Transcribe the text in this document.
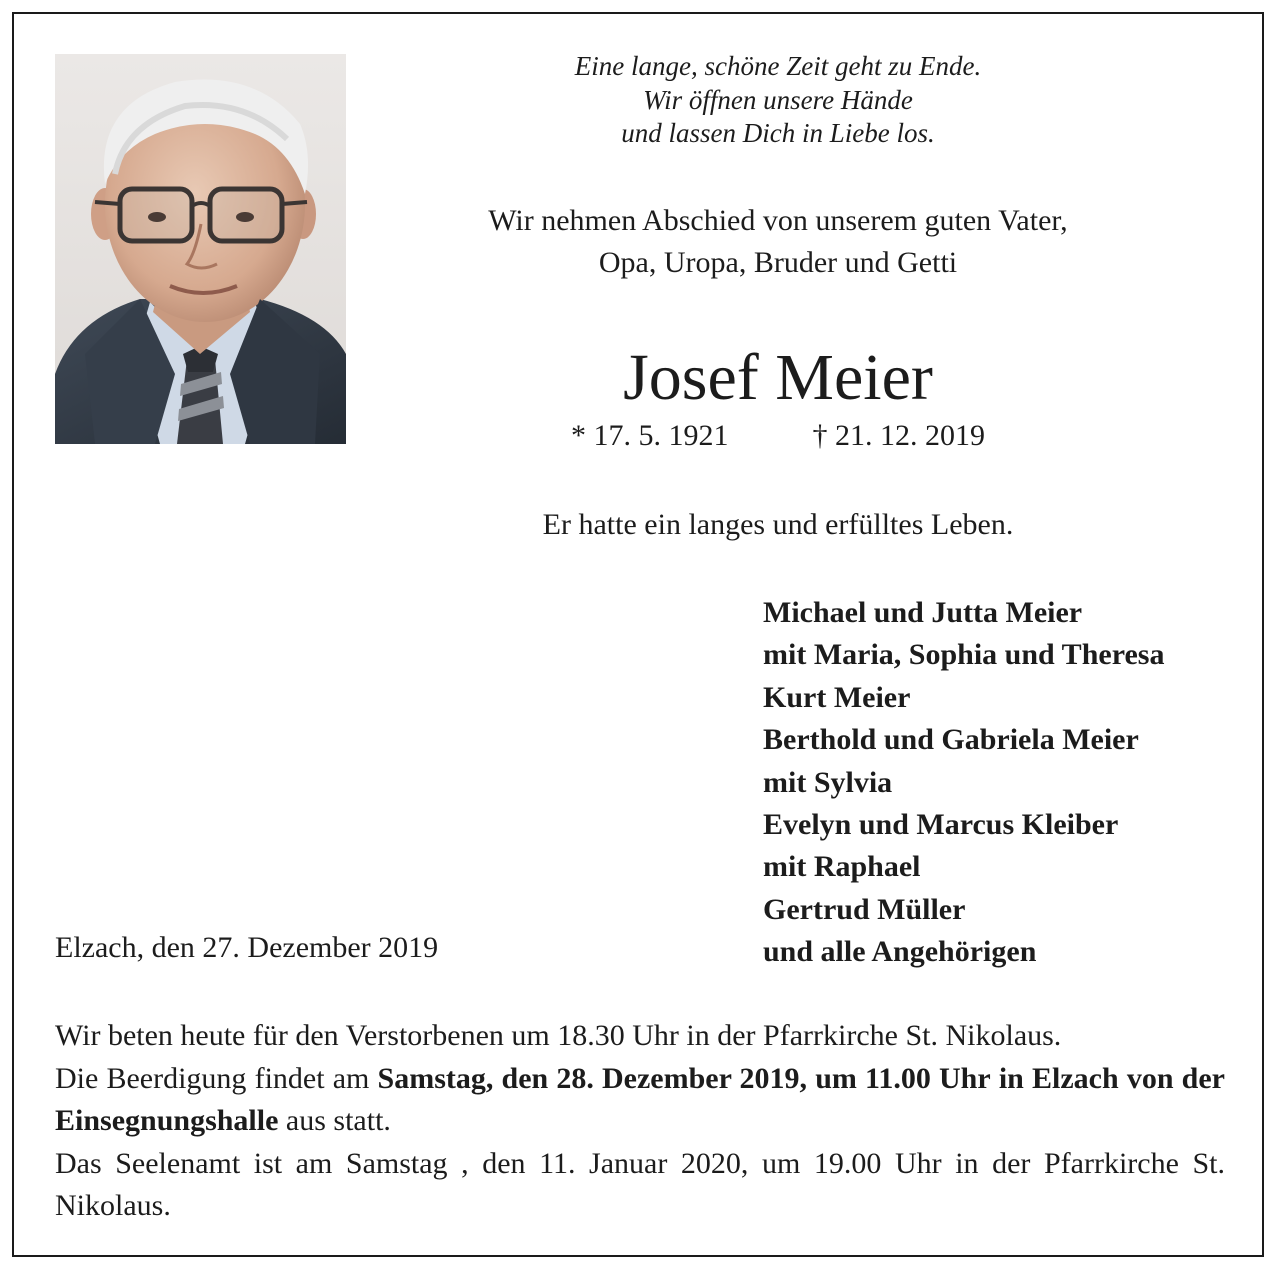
Eine lange, schöne Zeit geht zu Ende.
Wir öffnen unsere Hände
und lassen Dich in Liebe los.
Wir nehmen Abschied von unserem guten Vater,
Opa, Uropa, Bruder und Getti
Josef Meier
* 17. 5. 1921	† 21. 12. 2019
Er hatte ein langes und erfülltes Leben.
Michael und Jutta Meier
mit Maria, Sophia und Theresa
Kurt Meier
Berthold und Gabriela Meier
mit Sylvia
Evelyn und Marcus Kleiber
mit Raphael
Gertrud Müller
und alle Angehörigen
Elzach, den 27. Dezember 2019

Wir beten heute für den Verstorbenen um 18.30 Uhr in der Pfarrkirche St. Nikolaus.

Die Beerdigung findet am Samstag, den 28. Dezember 2019, um 11.00 Uhr in Elzach von der Einsegnungshalle aus statt.

Das Seelenamt ist am Samstag , den 11. Januar 2020, um 19.00 Uhr in der Pfarrkirche St. Nikolaus.
